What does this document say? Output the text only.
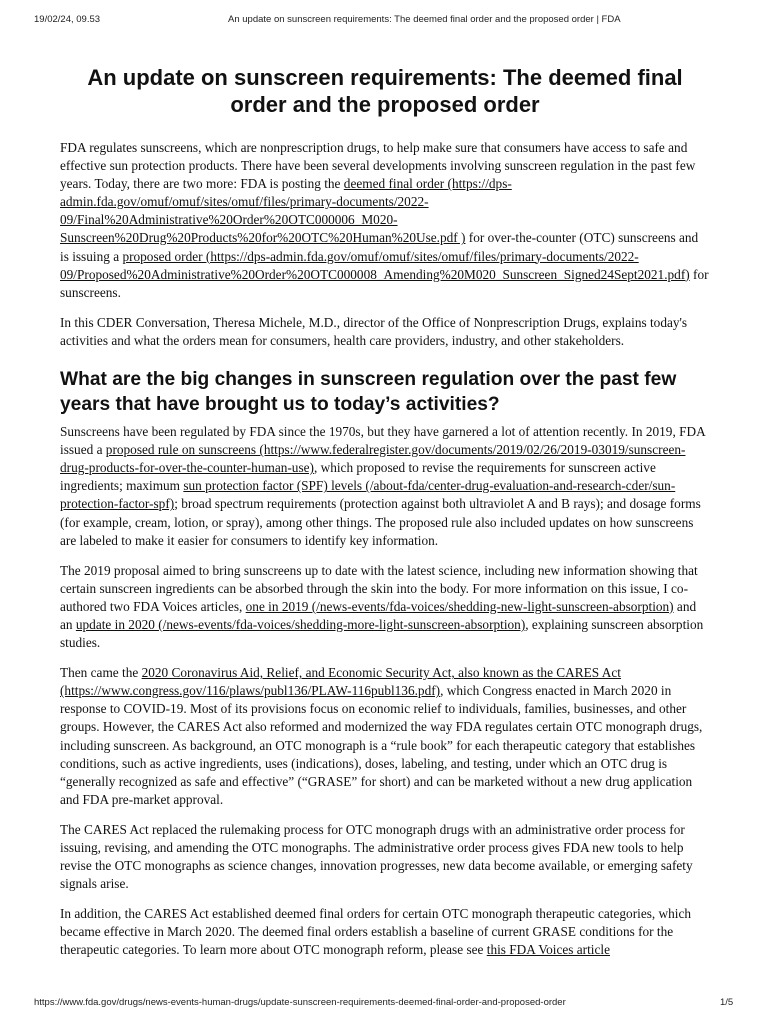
19/02/24, 09.53	An update on sunscreen requirements: The deemed final order and the proposed order | FDA
An update on sunscreen requirements: The deemed final order and the proposed order

FDA regulates sunscreens, which are nonprescription drugs, to help make sure that consumers have access to safe and effective sun protection products. There have been several developments involving sunscreen regulation in the past few years. Today, there are two more: FDA is posting the deemed final order (https://dps-admin.fda.gov/omuf/omuf/sites/omuf/files/primary-documents/2022-09/Final%20Administrative%20Order%20OTC000006_M020-Sunscreen%20Drug%20Products%20for%20OTC%20Human%20Use.pdf ) for over-the-counter (OTC) sunscreens and is issuing a proposed order (https://dps-admin.fda.gov/omuf/omuf/sites/omuf/files/primary-documents/2022-09/Proposed%20Administrative%20Order%20OTC000008_Amending%20M020_Sunscreen_Signed24Sept2021.pdf) for sunscreens.

In this CDER Conversation, Theresa Michele, M.D., director of the Office of Nonprescription Drugs, explains today's activities and what the orders mean for consumers, health care providers, industry, and other stakeholders.

What are the big changes in sunscreen regulation over the past few years that have brought us to today’s activities?

Sunscreens have been regulated by FDA since the 1970s, but they have garnered a lot of attention recently. In 2019, FDA issued a proposed rule on sunscreens (https://www.federalregister.gov/documents/2019/02/26/2019-03019/sunscreen-drug-products-for-over-the-counter-human-use), which proposed to revise the requirements for sunscreen active ingredients; maximum sun protection factor (SPF) levels (/about-fda/center-drug-evaluation-and-research-cder/sun-protection-factor-spf); broad spectrum requirements (protection against both ultraviolet A and B rays); and dosage forms (for example, cream, lotion, or spray), among other things. The proposed rule also included updates on how sunscreens are labeled to make it easier for consumers to identify key information.

The 2019 proposal aimed to bring sunscreens up to date with the latest science, including new information showing that certain sunscreen ingredients can be absorbed through the skin into the body. For more information on this issue, I co-authored two FDA Voices articles, one in 2019 (/news-events/fda-voices/shedding-new-light-sunscreen-absorption) and an update in 2020 (/news-events/fda-voices/shedding-more-light-sunscreen-absorption), explaining sunscreen absorption studies.

Then came the 2020 Coronavirus Aid, Relief, and Economic Security Act, also known as the CARES Act (https://www.congress.gov/116/plaws/publ136/PLAW-116publ136.pdf), which Congress enacted in March 2020 in response to COVID-19. Most of its provisions focus on economic relief to individuals, families, businesses, and other groups. However, the CARES Act also reformed and modernized the way FDA regulates certain OTC monograph drugs, including sunscreen. As background, an OTC monograph is a “rule book” for each therapeutic category that establishes conditions, such as active ingredients, uses (indications), doses, labeling, and testing, under which an OTC drug is “generally recognized as safe and effective” (“GRASE” for short) and can be marketed without a new drug application and FDA pre-market approval.

The CARES Act replaced the rulemaking process for OTC monograph drugs with an administrative order process for issuing, revising, and amending the OTC monographs. The administrative order process gives FDA new tools to help revise the OTC monographs as science changes, innovation progresses, new data become available, or emerging safety signals arise.

In addition, the CARES Act established deemed final orders for certain OTC monograph therapeutic categories, which became effective in March 2020. The deemed final orders establish a baseline of current GRASE conditions for the therapeutic categories. To learn more about OTC monograph reform, please see this FDA Voices article

https://www.fda.gov/drugs/news-events-human-drugs/update-sunscreen-requirements-deemed-final-order-and-proposed-order	1/5
